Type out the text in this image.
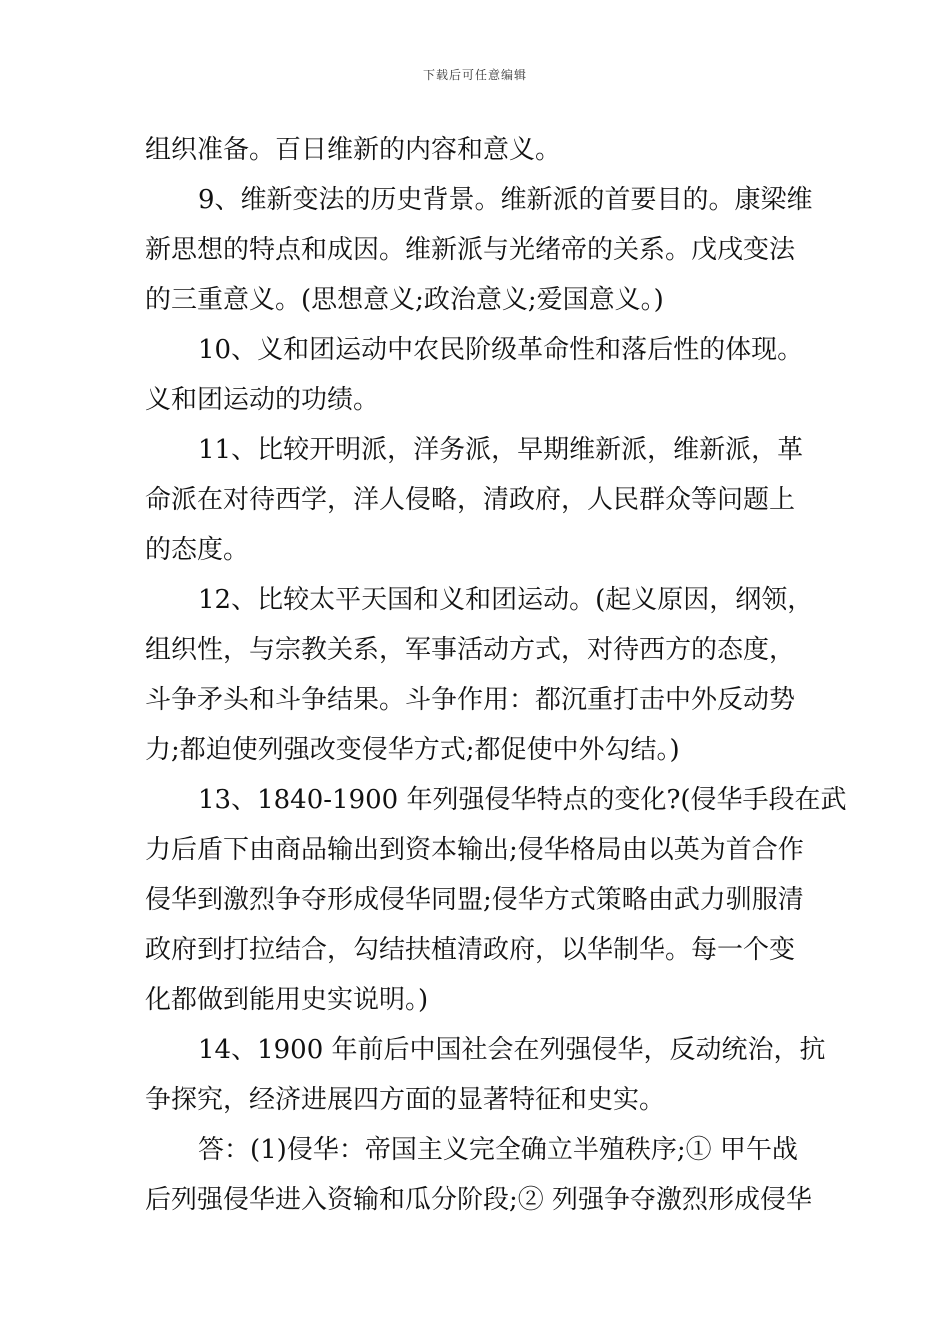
下载后可任意编辑
组织准备。百日维新的内容和意义。
9、维新变法的历史背景。维新派的首要目的。康梁维
新思想的特点和成因。维新派与光绪帝的关系。戊戌变法
的三重意义。(思想意义;政治意义;爱国意义。)
10、义和团运动中农民阶级革命性和落后性的体现。
义和团运动的功绩。
11、比较开明派，洋务派，早期维新派，维新派，革
命派在对待西学，洋人侵略，清政府，人民群众等问题上
的态度。
12、比较太平天国和义和团运动。(起义原因，纲领，
组织性，与宗教关系，军事活动方式，对待西方的态度，
斗争矛头和斗争结果。斗争作用：都沉重打击中外反动势
力;都迫使列强改变侵华方式;都促使中外勾结。)
13、1840-1900 年列强侵华特点的变化?(侵华手段在武
力后盾下由商品输出到资本输出;侵华格局由以英为首合作
侵华到激烈争夺形成侵华同盟;侵华方式策略由武力驯服清
政府到打拉结合，勾结扶植清政府，以华制华。每一个变
化都做到能用史实说明。)
14、1900 年前后中国社会在列强侵华，反动统治，抗
争探究，经济进展四方面的显著特征和史实。
答：(1)侵华：帝国主义完全确立半殖秩序;① 甲午战
后列强侵华进入资输和瓜分阶段;② 列强争夺激烈形成侵华
